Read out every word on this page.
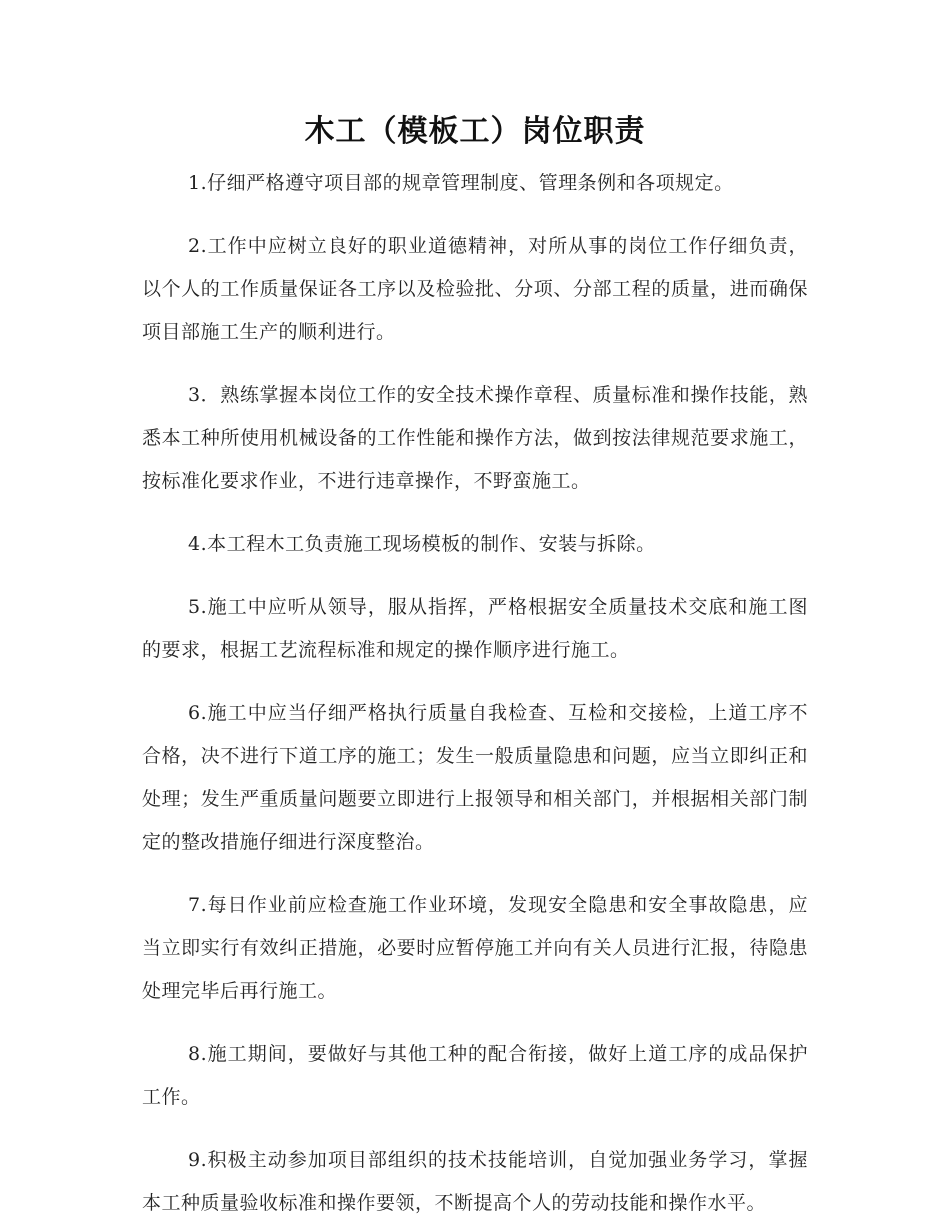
木工（模板工）岗位职责

1.仔细严格遵守项目部的规章管理制度、管理条例和各项规定。

2.工作中应树立良好的职业道德精神，对所从事的岗位工作仔细负责，以个人的工作质量保证各工序以及检验批、分项、分部工程的质量，进而确保项目部施工生产的顺利进行。

3．熟练掌握本岗位工作的安全技术操作章程、质量标准和操作技能，熟悉本工种所使用机械设备的工作性能和操作方法，做到按法律规范要求施工，按标准化要求作业，不进行违章操作，不野蛮施工。

4.本工程木工负责施工现场模板的制作、安装与拆除。

5.施工中应听从领导，服从指挥，严格根据安全质量技术交底和施工图的要求，根据工艺流程标准和规定的操作顺序进行施工。

6.施工中应当仔细严格执行质量自我检查、互检和交接检，上道工序不合格，决不进行下道工序的施工；发生一般质量隐患和问题，应当立即纠正和处理；发生严重质量问题要立即进行上报领导和相关部门，并根据相关部门制定的整改措施仔细进行深度整治。

7.每日作业前应检查施工作业环境，发现安全隐患和安全事故隐患，应当立即实行有效纠正措施，必要时应暂停施工并向有关人员进行汇报，待隐患处理完毕后再行施工。

8.施工期间，要做好与其他工种的配合衔接，做好上道工序的成品保护工作。

9.积极主动参加项目部组织的技术技能培训，自觉加强业务学习，掌握本工种质量验收标准和操作要领，不断提高个人的劳动技能和操作水平。
